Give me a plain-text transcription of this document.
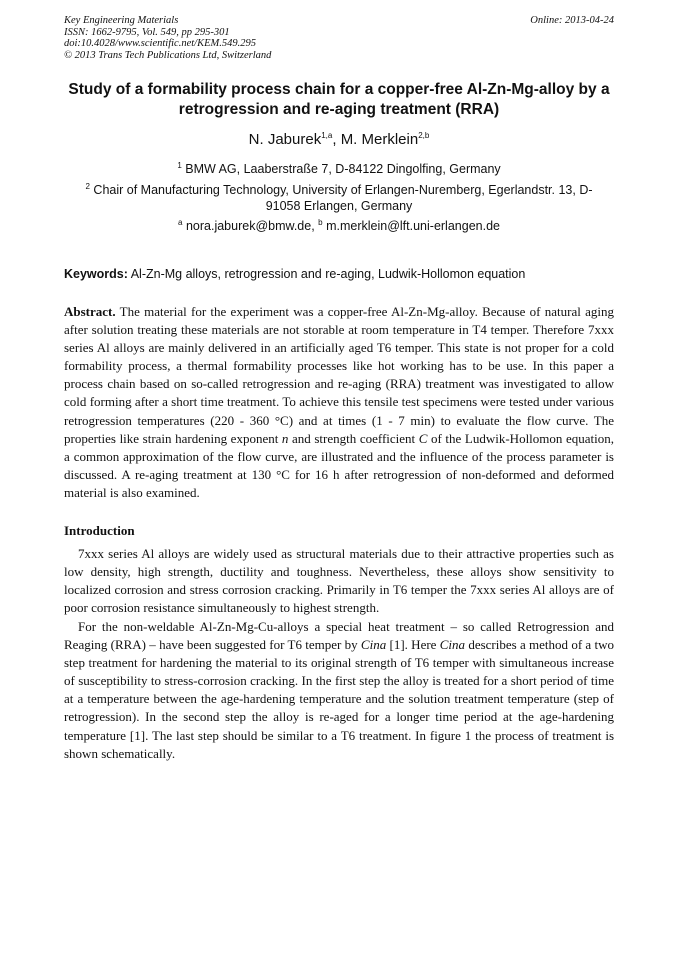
Key Engineering Materials
ISSN: 1662-9795, Vol. 549, pp 295-301
doi:10.4028/www.scientific.net/KEM.549.295
© 2013 Trans Tech Publications Ltd, Switzerland
Online: 2013-04-24
Study of a formability process chain for a copper-free Al-Zn-Mg-alloy by a retrogression and re-aging treatment (RRA)
N. Jaburek$^{1,a}$, M. Merklein$^{2,b}$
$^1$ BMW AG, Laaberstraße 7, D-84122 Dingolfing, Germany
$^2$ Chair of Manufacturing Technology, University of Erlangen-Nuremberg, Egerlandstr. 13, D-91058 Erlangen, Germany
$^a$ nora.jaburek@bmw.de, $^b$ m.merklein@lft.uni-erlangen.de
Keywords: Al-Zn-Mg alloys, retrogression and re-aging, Ludwik-Hollomon equation

Abstract. The material for the experiment was a copper-free Al-Zn-Mg-alloy. Because of natural aging after solution treating these materials are not storable at room temperature in T4 temper. Therefore 7xxx series Al alloys are mainly delivered in an artificially aged T6 temper. This state is not proper for a cold formability process, a thermal formability processes like hot working has to be use. In this paper a process chain based on so-called retrogression and re-aging (RRA) treatment was investigated to allow cold forming after a short time treatment. To achieve this tensile test specimens were tested under various retrogression temperatures (220 - 360 °C) and at times (1 - 7 min) to evaluate the flow curve. The properties like strain hardening exponent n and strength coefficient C of the Ludwik-Hollomon equation, a common approximation of the flow curve, are illustrated and the influence of the process parameter is discussed. A re-aging treatment at 130 °C for 16 h after retrogression of non-deformed and deformed material is also examined.

Introduction

7xxx series Al alloys are widely used as structural materials due to their attractive properties such as low density, high strength, ductility and toughness. Nevertheless, these alloys show sensitivity to localized corrosion and stress corrosion cracking. Primarily in T6 temper the 7xxx series Al alloys are of poor corrosion resistance simultaneously to highest strength.

For the non-weldable Al-Zn-Mg-Cu-alloys a special heat treatment – so called Retrogression and Reaging (RRA) – have been suggested for T6 temper by Cina [1]. Here Cina describes a method of a two step treatment for hardening the material to its original strength of T6 temper with simultaneous increase of susceptibility to stress-corrosion cracking. In the first step the alloy is treated for a short period of time at a temperature between the age-hardening temperature and the solution treatment temperature (step of retrogression). In the second step the alloy is re-aged for a longer time period at the age-hardening temperature [1]. The last step should be similar to a T6 treatment. In figure 1 the process of treatment is shown schematically.
